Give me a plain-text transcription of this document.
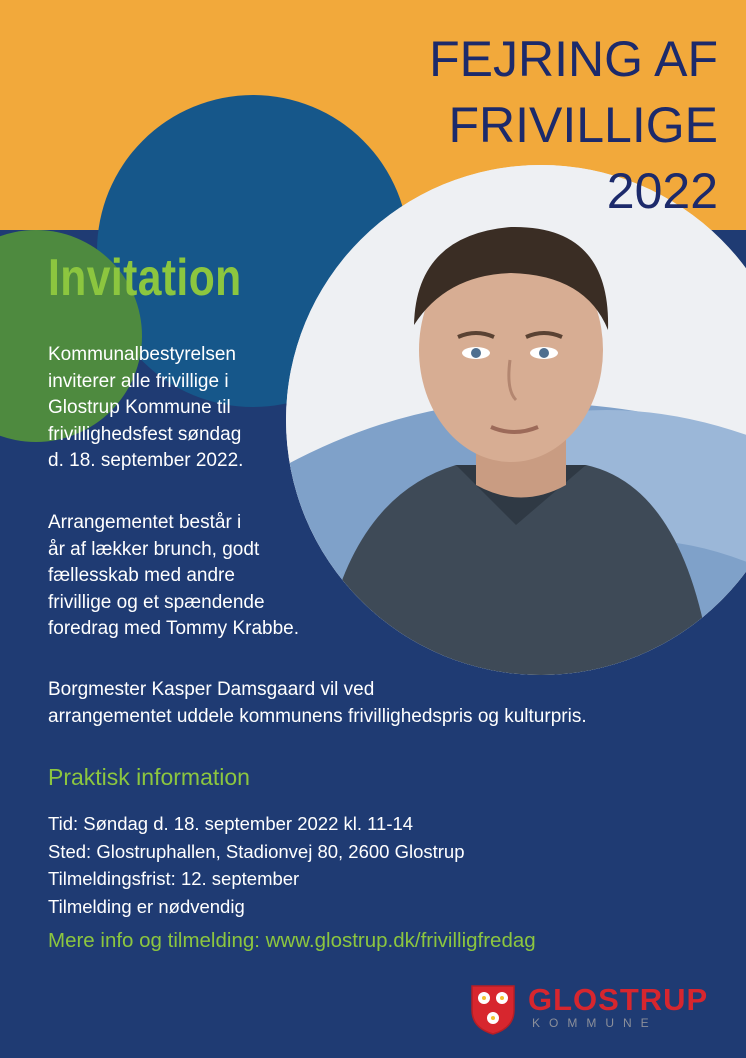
FEJRING AF
FRIVILLIGE
2022
Invitation
Kommunalbestyrelsen
inviterer alle frivillige i
Glostrup Kommune til
frivillighedsfest søndag
d. 18. september 2022.
Arrangementet består i
år af lækker brunch, godt
fællesskab med andre
frivillige og et spændende
foredrag med Tommy Krabbe.
Borgmester Kasper Damsgaard vil ved
arrangementet uddele kommunens frivillighedspris og kulturpris.
Praktisk information
Tid: Søndag d. 18. september 2022 kl. 11-14
Sted: Glostruphallen, Stadionvej 80, 2600 Glostrup
Tilmeldingsfrist: 12. september
Tilmelding er nødvendig
Mere info og tilmelding: www.glostrup.dk/frivilligfredag
GLOSTRUP
KOMMUNE
